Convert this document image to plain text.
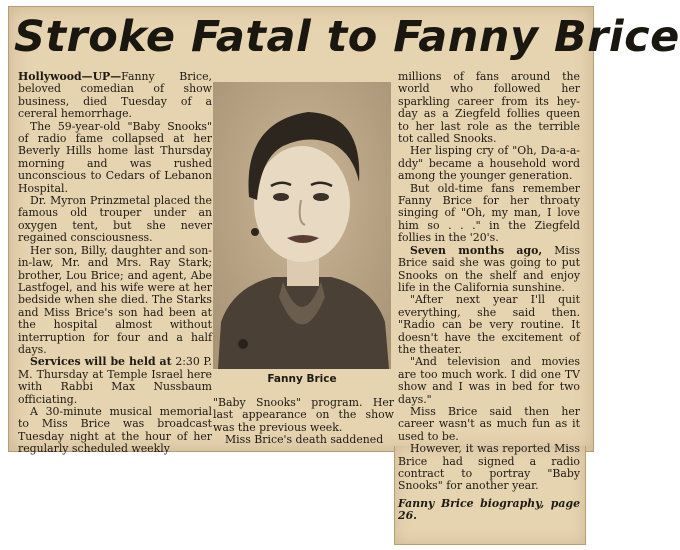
Stroke Fatal to Fanny Brice

Hollywood—UP—Fanny Brice, beloved comedian of show business, died Tuesday of a cereral hemorrhage.

The 59-year-old "Baby Snooks" of radio fame collapsed at her Beverly Hills home last Thursday morning and was rushed unconscious to Cedars of Lebanon Hospital.

Dr. Myron Prinzmetal placed the famous old trouper under an oxygen tent, but she never regained consciousness.

Her son, Billy, daughter and son-in-law, Mr. and Mrs. Ray Stark; brother, Lou Brice; and agent, Abe Lastfogel, and his wife were at her bedside when she died. The Starks and Miss Brice's son had been at the hospital almost without interruption for four and a half days.

Services will be held at 2:30 P. M. Thursday at Temple Israel here with Rabbi Max Nussbaum officiating.

A 30-minute musical memorial to Miss Brice was broadcast Tuesday night at the hour of her regularly scheduled weekly

Fanny Brice

"Baby Snooks" program. Her last appearance on the show was the previous week.

Miss Brice's death saddened

millions of fans around the world who followed her sparkling career from its hey-day as a Ziegfeld follies queen to her last role as the terrible tot called Snooks.

Her lisping cry of "Oh, Da-a-a-ddy" became a household word among the younger generation.

But old-time fans remember Fanny Brice for her throaty singing of "Oh, my man, I love him so . . ." in the Ziegfeld follies in the '20's.

Seven months ago, Miss Brice said she was going to put Snooks on the shelf and enjoy life in the California sunshine.

"After next year I'll quit everything, she said then. "Radio can be very routine. It doesn't have the excitement of the theater.

"And television and movies are too much work. I did one TV show and I was in bed for two days."

Miss Brice said then her career wasn't as much fun as it used to be.

However, it was reported Miss Brice had signed a radio contract to portray "Baby Snooks" for another year.

Fanny Brice biography, page 26.
